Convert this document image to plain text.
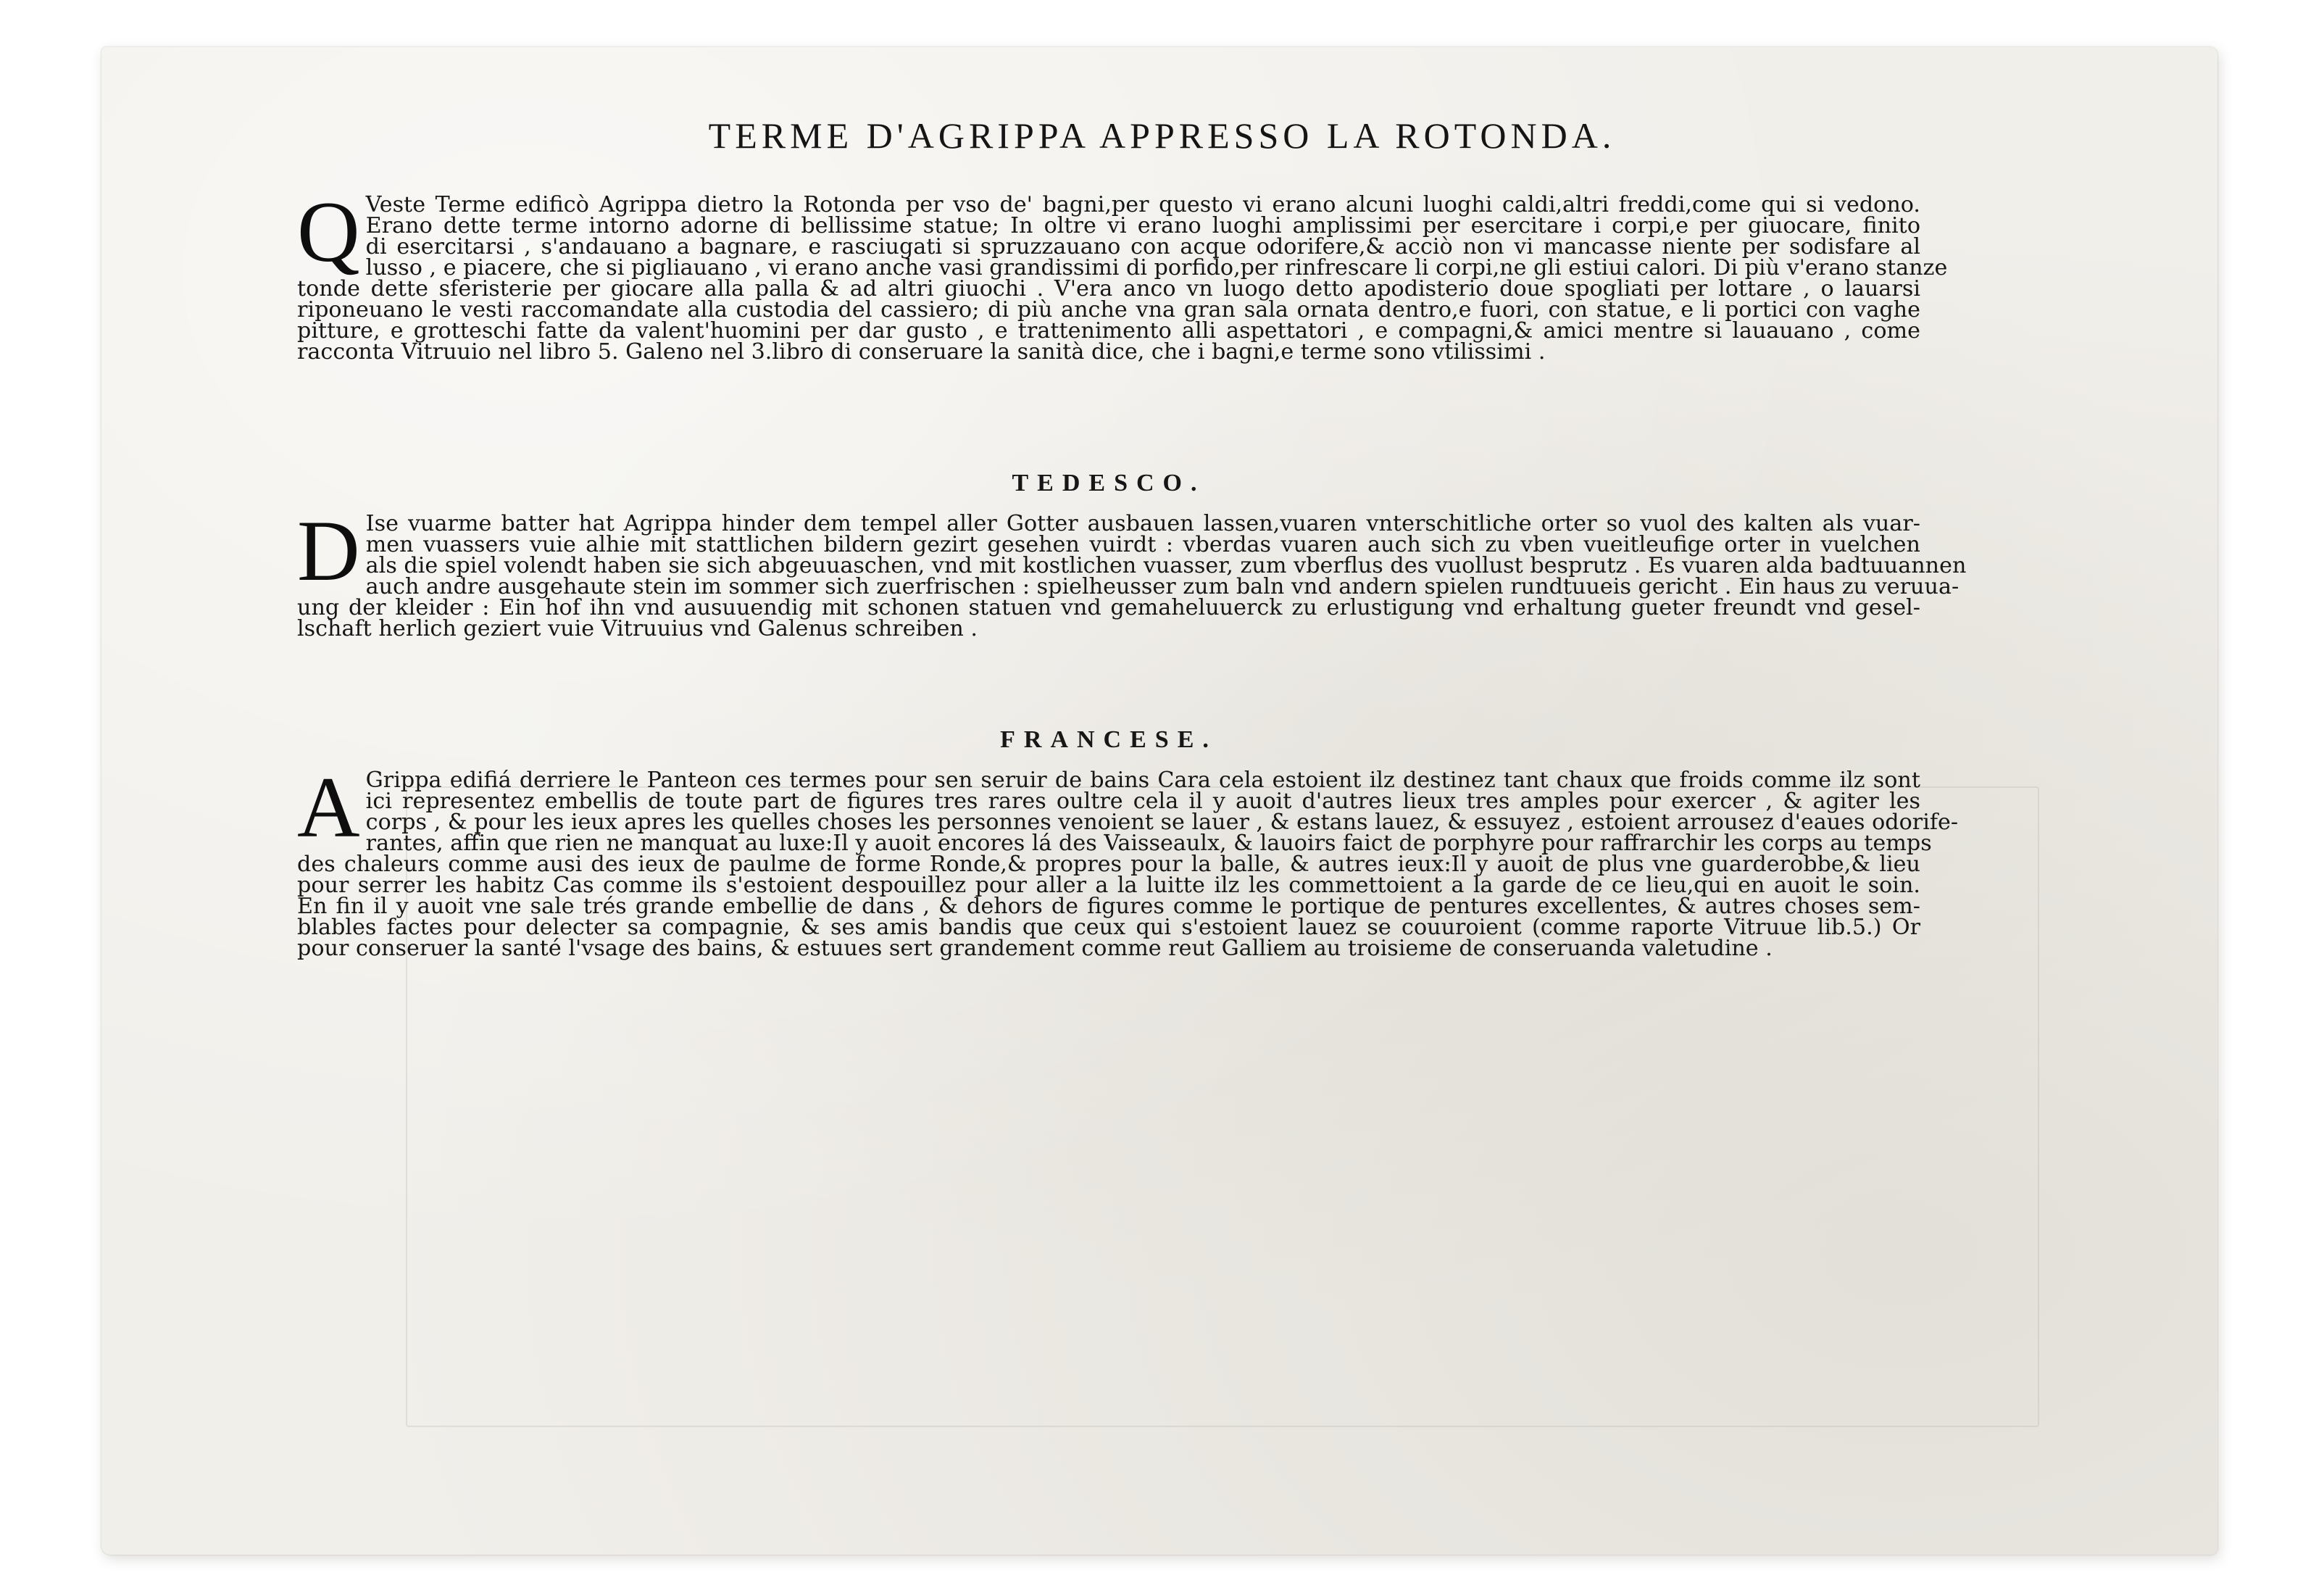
TERME D'AGRIPPA APPRESSO LA ROTONDA.
Q Veste Terme edificò Agrippa dietro la Rotonda per vso de' bagni,per questo vi erano alcuni luoghi caldi,altri freddi,come qui si vedono.
Erano dette terme intorno adorne di bellissime statue; In oltre vi erano luoghi amplissimi per esercitare i corpi,e per giuocare, finito
di esercitarsi , s'andauano a bagnare, e rasciugati si spruzzauano con acque odorifere,& acciò non vi mancasse niente per sodisfare al
lusso , e piacere, che si pigliauano , vi erano anche vasi grandissimi di porfido,per rinfrescare li corpi,ne gli estiui calori. Di più v'erano stanze
tonde dette sferisterie per giocare alla palla & ad altri giuochi . V'era anco vn luogo detto apodisterio doue spogliati per lottare , o lauarsi
riponeuano le vesti raccomandate alla custodia del cassiero; di più anche vna gran sala ornata dentro,e fuori, con statue, e li portici con vaghe
pitture, e grotteschi fatte da valent'huomini per dar gusto , e trattenimento alli aspettatori , e compagni,& amici mentre si lauauano , come
racconta Vitruuio nel libro 5. Galeno nel 3.libro di conseruare la sanità dice, che i bagni,e terme sono vtilissimi .
TEDESCO.
D Ise vuarme batter hat Agrippa hinder dem tempel aller Gotter ausbauen lassen,vuaren vnterschitliche orter so vuol des kalten als vuar-
men vuassers vuie alhie mit stattlichen bildern gezirt gesehen vuirdt : vberdas vuaren auch sich zu vben vueitleufige orter in vuelchen
als die spiel volendt haben sie sich abgeuuaschen, vnd mit kostlichen vuasser, zum vberflus des vuollust besprutz . Es vuaren alda badtuuannen
auch andre ausgehaute stein im sommer sich zuerfrischen : spielheusser zum baln vnd andern spielen rundtuueis gericht . Ein haus zu veruua-
ung der kleider : Ein hof ihn vnd ausuuendig mit schonen statuen vnd gemaheluuerck zu erlustigung vnd erhaltung gueter freundt vnd gesel-
lschaft herlich geziert vuie Vitruuius vnd Galenus schreiben .
FRANCESE.
A Grippa edifiá derriere le Panteon ces termes pour sen seruir de bains Cara cela estoient ilz destinez tant chaux que froids comme ilz sont
ici representez embellis de toute part de figures tres rares oultre cela il y auoit d'autres lieux tres amples pour exercer , & agiter les
corps , & pour les ieux apres les quelles choses les personnes venoient se lauer , & estans lauez, & essuyez , estoient arrousez d'eaues odorife-
rantes, affin que rien ne manquat au luxe:Il y auoit encores lá des Vaisseaulx, & lauoirs faict de porphyre pour raffrarchir les corps au temps
des chaleurs comme ausi des ieux de paulme de forme Ronde,& propres pour la balle, & autres ieux:Il y auoit de plus vne guarderobbe,& lieu
pour serrer les habitz Cas comme ils s'estoient despouillez pour aller a la luitte ilz les commettoient a la garde de ce lieu,qui en auoit le soin.
En fin il y auoit vne sale trés grande embellie de dans , & dehors de figures comme le portique de pentures excellentes, & autres choses sem-
blables factes pour delecter sa compagnie, & ses amis bandis que ceux qui s'estoient lauez se couuroient (comme raporte Vitruue lib.5.) Or
pour conseruer la santé l'vsage des bains, & estuues sert grandement comme reut Galliem au troisieme de conseruanda valetudine .
